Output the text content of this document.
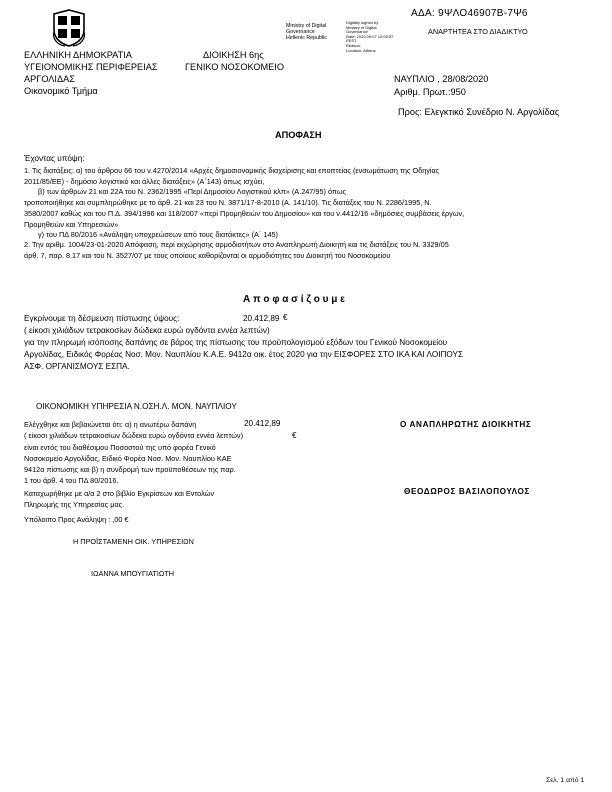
ΑΔΑ: 9ΨΛΟ46907Β-7Ψ6
ΑΝΑΡΤΗΤΕΑ ΣΤΟ ΔΙΑΔΙΚΤΥΟ
Ministry of Digital
Governance
Hellenic Republic
Digitally signed by
Ministry of Digital
Governance
Date: 2020.09.07 10:09:57
EEST
Reason:
Location: Athens
ΕΛΛΗΝΙΚΗ ΔΗΜΟΚΡΑΤΙΑ	ΔΙΟΙΚΗΣΗ 6ης
ΥΓΕΙΟΝΟΜΙΚΗΣ ΠΕΡΙΦΕΡΕΙΑΣ	ΓΕΝΙΚΟ ΝΟΣΟΚΟΜΕΙΟ
ΑΡΓΟΛΙΔΑΣ
Οικονομικό Τμήμα
ΝΑΥΠΛΙΟ , 28/08/2020
Αριθμ. Πρωτ.:950
Προς: Ελεγκτικό Συνέδριο Ν. Αργολίδας
ΑΠΟΦΑΣΗ
Έχοντας υπόψη:
1. Τις διατάξεις: α) του άρθρου 66 του ν.4270/2014 «Αρχές δημοσιονομικής διαχείρισης και εποπτείας (ενσωμάτωση της Οδηγίας
2011/85/ΕΕ) - δημόσιο λογιστικό και άλλες διατάξεις» (Α΄143) όπως ισχύει,
β) των άρθρων 21 και 22Α του Ν. 2362/1995 «Περί Δημοσίου Λογιστικού κλπ» (Α.247/95) όπως
τροποποιήθηκε και συμπληρώθηκε με το άρθ. 21 και 23 του Ν. 3871/17-8-2010 (Α. 141/10). Τις διατάξεις του Ν. 2286/1995, Ν.
3580/2007 καθώς και του Π.Δ. 394/1996 και 118/2007 «περί Προμηθειών του Δημοσίου» και του ν.4412/16 «δημόσιες συμβάσεις έργων,
Προμηθειών και Υπηρεσιών»
γ) του ΠΔ 80/2016 «Ανάληψη υποχρεώσεων από τους διατάκτες» (Α΄ 145)
2. Την αριθμ. 1004/23-01-2020 Απόφαση, περί εκχώρησης αρμοδιοτήτων στο Αναπληρωτή Διοικητή και τις διατάξεις του Ν. 3329/05
άρθ. 7, παρ. 8.17 και του Ν. 3527/07 με τους οποίους καθορίζονται οι αρμοδιότητες του Διοικητή του Νοσοκομείου
Α π ο φ α σ ί ζ ο υ μ ε
Εγκρίνουμε τη δέσμευση πίστωσης ύψους:	20.412,89 €
( είκοσι χιλιάδων τετρακοσίων δώδεκα ευρώ ογδόντα εννέα λεπτών)
για την πληρωμή ισόποσης δαπάνης σε βάρος της πίστωσης του προϋπολογισμού εξόδων του Γενικού Νοσοκομείου
Αργολίδας, Ειδικός Φορέας Νοσ. Μον. Ναυπλίου Κ.Α.Ε. 9412α οικ. έτος 2020 για την ΕΙΣΦΟΡΕΣ ΣΤΟ ΙΚΑ ΚΑΙ ΛΟΙΠΟΥΣ
ΑΣΦ. ΟΡΓΑΝΙΣΜΟΥΣ ΕΣΠΑ.
ΟΙΚΟΝΟΜΙΚΗ ΥΠΗΡΕΣΙΑ Ν.ΟΣΗ.Λ. ΜΟΝ. ΝΑΥΠΛΙΟΥ
Ελέγχθηκε και βεβαιώνεται ότι: α) η ανωτέρω δαπάνη	20.412,89
( είκοσι χιλιάδων τετρακοσίων δώδεκα ευρώ ογδόντα εννέα λεπτών)	€
είναι εντός του διαθέσιμου Ποσοστού της υπό φορέα Γενικό
Νοσοκομείο Αργολίδας, Ειδικό Φορέα Νοσ. Μον. Ναυπλίου ΚΑΕ
9412α πίστωσης και β) η συνδρομή των προϋποθέσεων της παρ.
1 του άρθ. 4 του ΠΔ 80/2016.
Καταχωρήθηκε με α/α 2 στο βιβλίο Εγκρίσεων και Εντολών
Πληρωμής της Υπηρεσίας μας.
Υπόλοιπο Προς Ανάληψη : ,00 €
Ο ΑΝΑΠΛΗΡΩΤΗΣ ΔΙΟΙΚΗΤΗΣ
ΘΕΟΔΩΡΟΣ ΒΑΣΙΛΟΠΟΥΛΟΣ
Η ΠΡΟΪΣΤΑΜΕΝΗ ΟΙΚ. ΥΠΗΡΕΣΙΩΝ
ΙΩΑΝΝΑ ΜΠΟΥΓΙΑΤΙΩΤΗ
Σελ. 1 από 1
